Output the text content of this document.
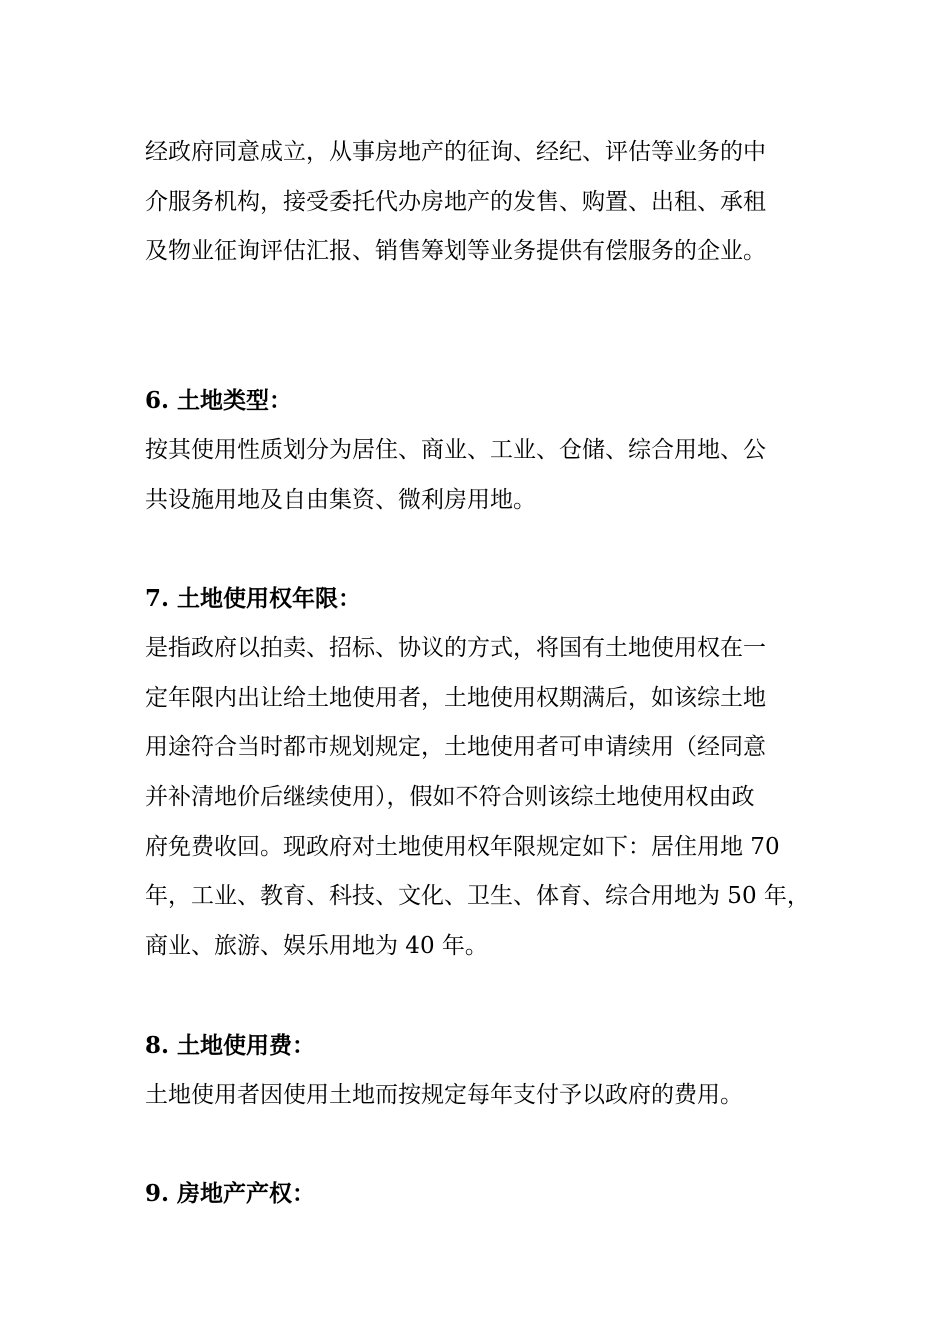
经政府同意成立，从事房地产的征询、经纪、评估等业务的中
介服务机构，接受委托代办房地产的发售、购置、出租、承租
及物业征询评估汇报、销售筹划等业务提供有偿服务的企业。
6. 土地类型：
按其使用性质划分为居住、商业、工业、仓储、综合用地、公
共设施用地及自由集资、微利房用地。
7. 土地使用权年限：
是指政府以拍卖、招标、协议的方式，将国有土地使用权在一
定年限内出让给土地使用者，土地使用权期满后，如该综土地
用途符合当时都市规划规定，土地使用者可申请续用（经同意
并补清地价后继续使用），假如不符合则该综土地使用权由政
府免费收回。现政府对土地使用权年限规定如下：居住用地 70
年，工业、教育、科技、文化、卫生、体育、综合用地为 50 年，
商业、旅游、娱乐用地为 40 年。
8. 土地使用费：
土地使用者因使用土地而按规定每年支付予以政府的费用。
9. 房地产产权：
